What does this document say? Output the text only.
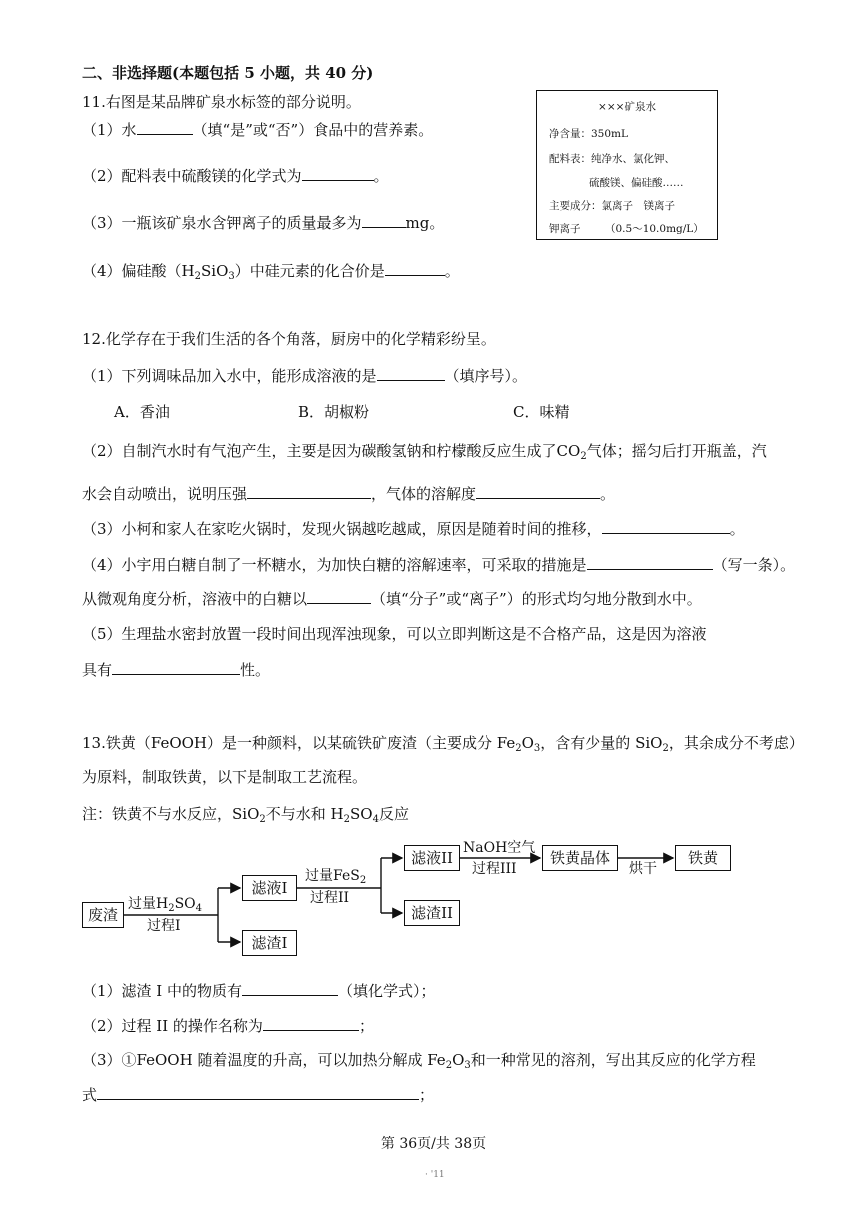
二、非选择题(本题包括 5 小题，共 40 分)
11.右图是某品牌矿泉水标签的部分说明。
（1）水	（填“是”或“否”）食品中的营养素。
（2）配料表中硫酸镁的化学式为	。
（3）一瓶该矿泉水含钾离子的质量最多为	mg。
（4）偏硅酸$(H_2SiO_3)$中硅元素的化合价是	。
×××矿泉水
净含量：350mL
配料表：纯净水、氯化钾、
硫酸镁、偏硅酸……
主要成分：氯离子　镁离子
钾离子 （0.5～10.0mg/L）
12.化学存在于我们生活的各个角落，厨房中的化学精彩纷呈。
（1）下列调味品加入水中，能形成溶液的是	（填序号）。
A．香油	B．胡椒粉	C．味精
（2）自制汽水时有气泡产生，主要是因为碳酸氢钠和柠檬酸反应生成了$CO_2$气体；摇匀后打开瓶盖，汽
水会自动喷出，说明压强	，气体的溶解度	。
（3）小柯和家人在家吃火锅时，发现火锅越吃越咸，原因是随着时间的推移，	。
（4）小宇用白糖自制了一杯糖水，为加快白糖的溶解速率，可采取的措施是	（写一条）。
从微观角度分析，溶液中的白糖以	（填“分子”或“离子”）的形式均匀地分散到水中。
（5）生理盐水密封放置一段时间出现浑浊现象，可以立即判断这是不合格产品，这是因为溶液
具有	性。
13.铁黄（FeOOH）是一种颜料，以某硫铁矿废渣（主要成分 $Fe_2O_3$，含有少量的 SiO$_2$，其余成分不考虑）
为原料，制取铁黄，以下是制取工艺流程。
注：铁黄不与水反应，SiO$_2$不与水和 $H_2SO_4$反应
废渣
滤液I
滤渣I
滤液II
滤渣II
铁黄晶体	铁黄
过量$H_2SO_4$
过程I
过量FeS$_2$
过程II
NaOH空气
过程III	烘干
（1）滤渣 I 中的物质有	（填化学式）；
（2）过程 II 的操作名称为	；
（3）①FeOOH 随着温度的升高，可以加热分解成 $Fe_2O_3$和一种常见的溶剂，写出其反应的化学方程
式	；
第 36页/共 38页
· '11
